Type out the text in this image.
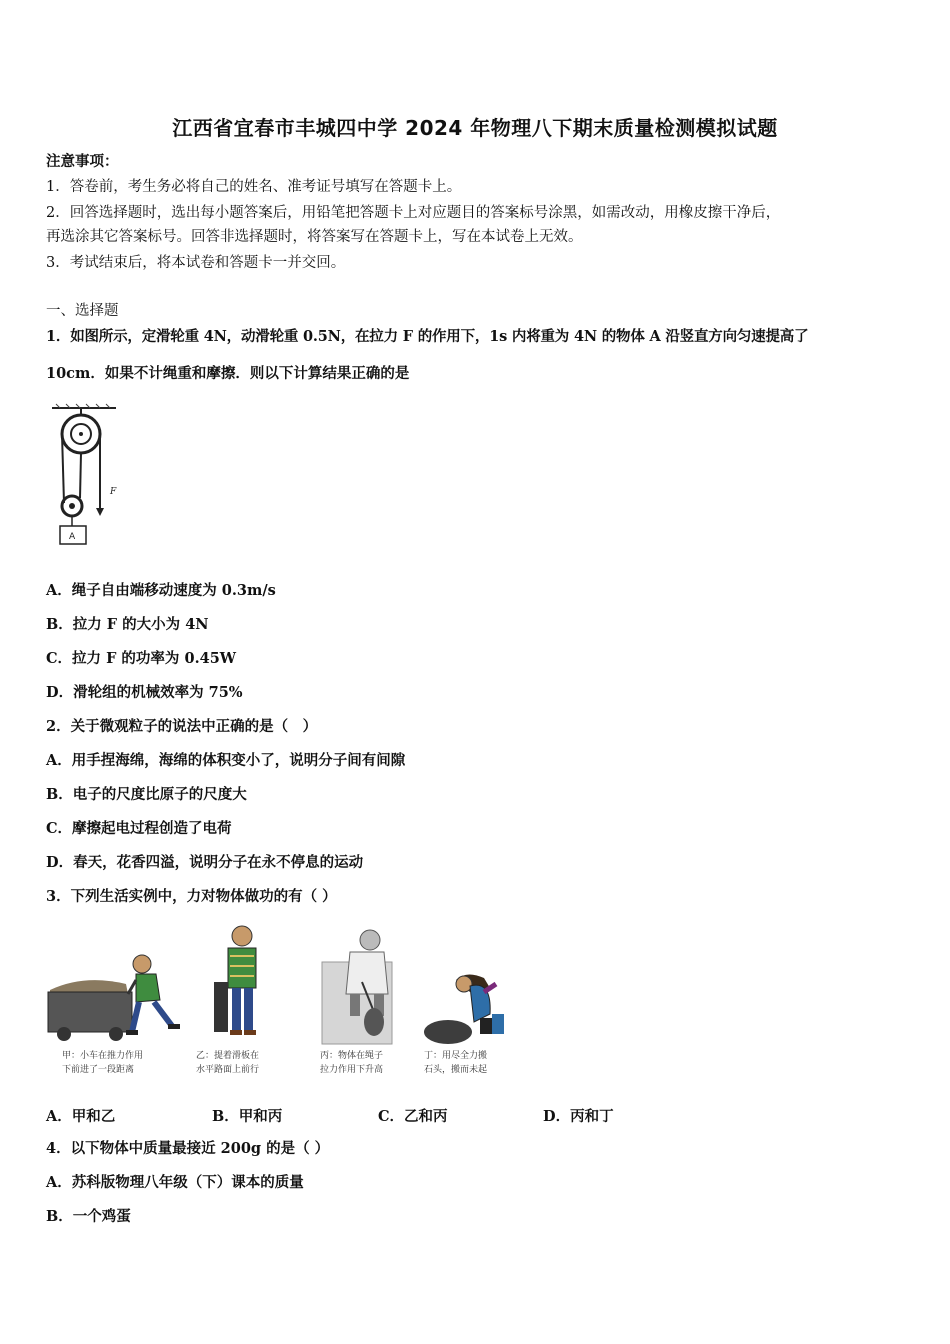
江西省宜春市丰城四中学 2024 年物理八下期末质量检测模拟试题
注意事项：
1．答卷前，考生务必将自己的姓名、准考证号填写在答题卡上。
2．回答选择题时，选出每小题答案后，用铅笔把答题卡上对应题目的答案标号涂黑，如需改动，用橡皮擦干净后，
再选涂其它答案标号。回答非选择题时，将答案写在答题卡上，写在本试卷上无效。
3．考试结束后，将本试卷和答题卡一并交回。
一、选择题
1．如图所示，定滑轮重 4N，动滑轮重 0.5N，在拉力 F 的作用下，1s 内将重为 4N 的物体 A 沿竖直方向匀速提高了
10cm．如果不计绳重和摩擦．则以下计算结果正确的是
F
A
A．绳子自由端移动速度为 0.3m/s
B．拉力 F 的大小为 4N
C．拉力 F 的功率为 0.45W
D．滑轮组的机械效率为 75%
2．关于微观粒子的说法中正确的是（　）
A．用手捏海绵，海绵的体积变小了，说明分子间有间隙
B．电子的尺度比原子的尺度大
C．摩擦起电过程创造了电荷
D．春天，花香四溢，说明分子在永不停息的运动
3．下列生活实例中，力对物体做功的有（ ）
甲：小车在推力作用
下前进了一段距离
乙：提着滑板在
水平路面上前行
丙：物体在绳子
拉力作用下升高
丁：用尽全力搬
石头，搬而未起
A．甲和乙	B．甲和丙	C．乙和丙	D．丙和丁
4．以下物体中质量最接近 200g 的是（ ）
A．苏科版物理八年级（下）课本的质量
B．一个鸡蛋
